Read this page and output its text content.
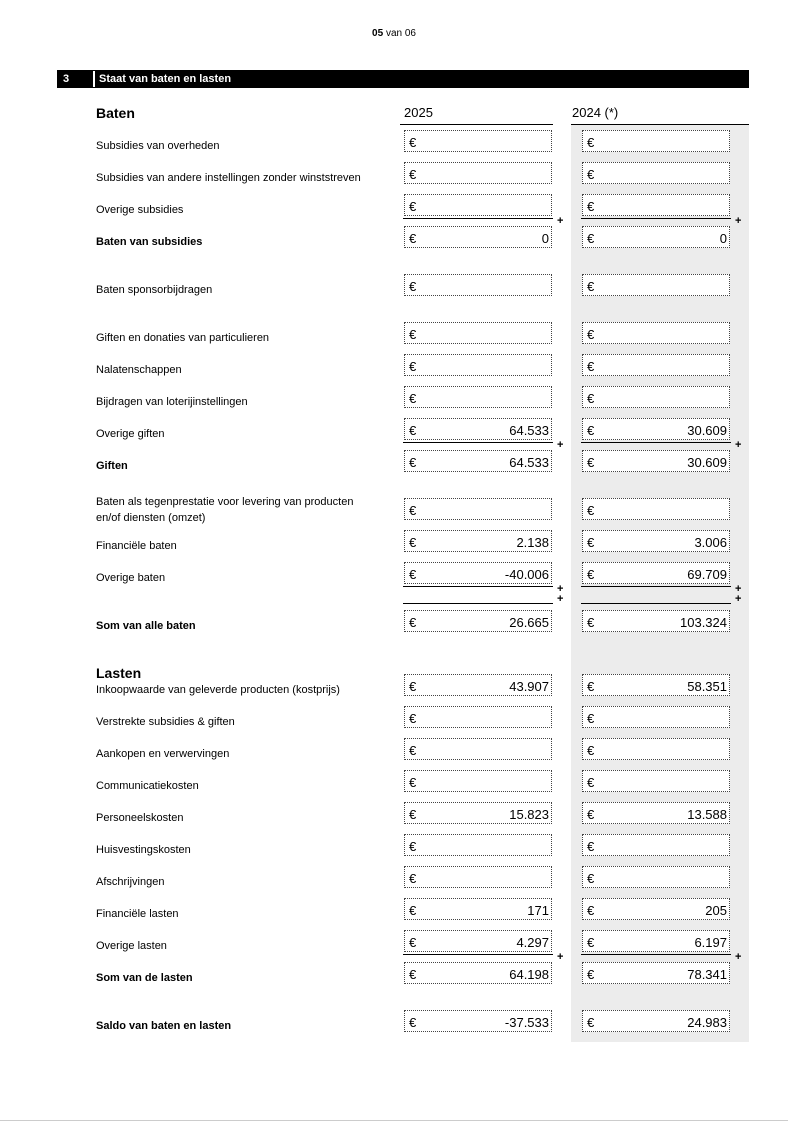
05 van 06
3	Staat van baten en lasten
Baten	2025	2024 (*)
Subsidies van overheden	€	€
Subsidies van andere instellingen zonder winststreven	€	€
Overige subsidies	€	€
Baten van subsidies	€	0	€	0
Baten sponsorbijdragen	€	€
Giften en donaties van particulieren	€	€
Nalatenschappen	€	€
Bijdragen van loterijinstellingen	€	€
Overige giften	€	64.533	€	30.609
Giften	€	64.533	€	30.609
Baten als tegenprestatie voor levering van producten
en/of diensten (omzet)	€	€
Financiële baten	€	2.138	€	3.006
Overige baten	€	-40.006	€	69.709
Som van alle baten	€	26.665	€	103.324
+	+
+	+
+	+
+	+
Lasten
Inkoopwaarde van geleverde producten (kostprijs)	€	43.907	€	58.351
Verstrekte subsidies & giften	€	€
Aankopen en verwervingen	€	€
Communicatiekosten	€	€
Personeelskosten	€	15.823	€	13.588
Huisvestingskosten	€	€
Afschrijvingen	€	€
Financiële lasten	€	171	€	205
Overige lasten	€	4.297	€	6.197
Som van de lasten	€	64.198	€	78.341
Saldo van baten en lasten	€	-37.533	€	24.983
+	+
